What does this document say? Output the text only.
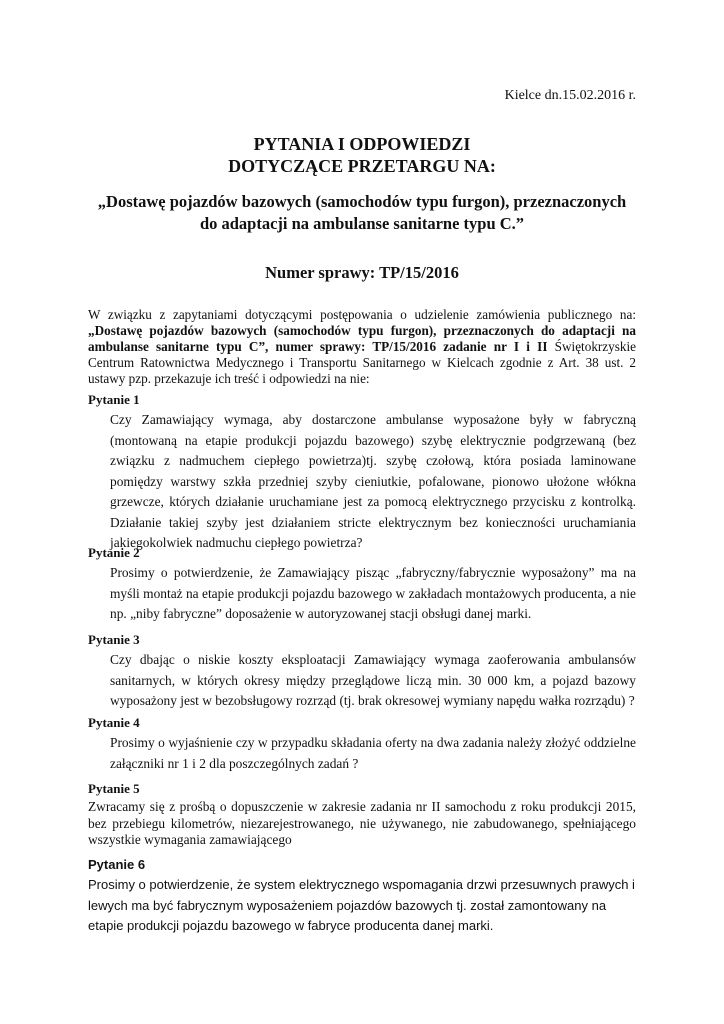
Kielce dn.15.02.2016 r.
PYTANIA I ODPOWIEDZI
DOTYCZĄCE PRZETARGU NA:
„Dostawę pojazdów bazowych (samochodów typu furgon), przeznaczonych
do adaptacji na ambulanse sanitarne typu C.”
Numer sprawy: TP/15/2016
W związku z zapytaniami dotyczącymi postępowania o udzielenie zamówienia publicznego na: „Dostawę pojazdów bazowych (samochodów typu furgon), przeznaczonych do adaptacji na ambulanse sanitarne typu C”, numer sprawy: TP/15/2016 zadanie nr I i II Świętokrzyskie Centrum Ratownictwa Medycznego i Transportu Sanitarnego w Kielcach zgodnie z Art. 38 ust. 2 ustawy pzp. przekazuje ich treść i odpowiedzi na nie:

Pytanie 1

Czy Zamawiający wymaga, aby dostarczone ambulanse wyposażone były w fabryczną (montowaną na etapie produkcji pojazdu bazowego) szybę elektrycznie podgrzewaną (bez związku z nadmuchem ciepłego powietrza)tj. szybę czołową, która posiada laminowane pomiędzy warstwy szkła przedniej szyby cieniutkie, pofalowane, pionowo ułożone włókna grzewcze, których działanie uruchamiane jest za pomocą elektrycznego przycisku z kontrolką. Działanie takiej szyby jest działaniem stricte elektrycznym bez konieczności uruchamiania jakiegokolwiek nadmuchu ciepłego powietrza?

Pytanie 2

Prosimy o potwierdzenie, że Zamawiający pisząc „fabryczny/fabrycznie wyposażony” ma na myśli montaż na etapie produkcji pojazdu bazowego w zakładach montażowych producenta, a nie np. „niby fabryczne” doposażenie w autoryzowanej stacji obsługi danej marki.

Pytanie 3

Czy dbając o niskie koszty eksploatacji Zamawiający wymaga zaoferowania ambulansów sanitarnych, w których okresy między przeglądowe liczą min. 30 000 km, a pojazd bazowy wyposażony jest w bezobsługowy rozrząd (tj. brak okresowej wymiany napędu wałka rozrządu) ?

Pytanie 4

Prosimy o wyjaśnienie czy w przypadku składania oferty na dwa zadania należy złożyć oddzielne załączniki nr 1 i 2 dla poszczególnych zadań ?

Pytanie 5

Zwracamy się z prośbą o dopuszczenie w zakresie zadania nr II samochodu z roku produkcji 2015, bez przebiegu kilometrów, niezarejestrowanego, nie używanego, nie zabudowanego, spełniającego wszystkie wymagania zamawiającego

Pytanie 6

Prosimy o potwierdzenie, że system elektrycznego wspomagania drzwi przesuwnych prawych i lewych ma być fabrycznym wyposażeniem pojazdów bazowych tj. został zamontowany na etapie produkcji pojazdu bazowego w fabryce producenta danej marki.
